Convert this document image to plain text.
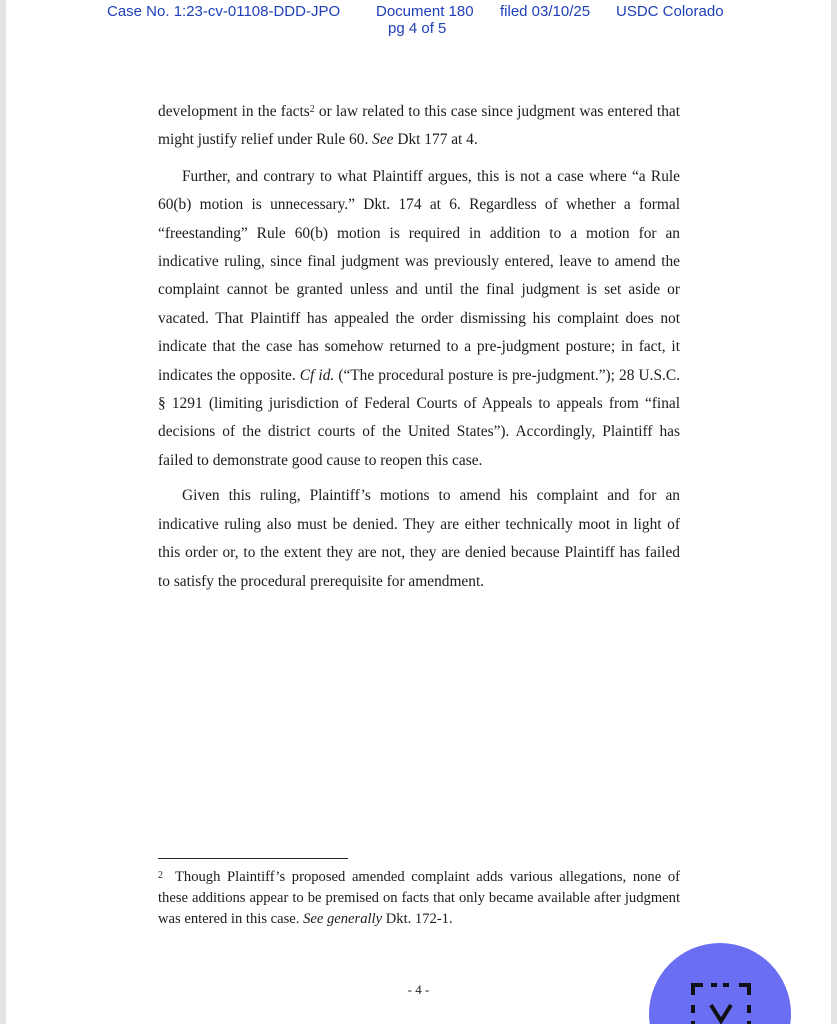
Case No. 1:23-cv-01108-DDD-JPO Document 180 filed 03/10/25 USDC Colorado
pg 4 of 5

development in the facts$^2$ or law related to this case since judgment was entered that might justify relief under Rule 60. See Dkt 177 at 4.

Further, and contrary to what Plaintiff argues, this is not a case where “a Rule 60(b) motion is unnecessary.” Dkt. 174 at 6. Regardless of whether a formal “freestanding” Rule 60(b) motion is required in addition to a motion for an indicative ruling, since final judgment was previously entered, leave to amend the complaint cannot be granted unless and until the final judgment is set aside or vacated. That Plaintiff has appealed the order dismissing his complaint does not indicate that the case has somehow returned to a pre-judgment posture; in fact, it indicates the opposite. Cf id. (“The procedural posture is pre-judgment.”); 28 U.S.C. § 1291 (limiting jurisdiction of Federal Courts of Appeals to appeals from “final decisions of the district courts of the United States”). Accordingly, Plaintiff has failed to demonstrate good cause to reopen this case.

Given this ruling, Plaintiff’s motions to amend his complaint and for an indicative ruling also must be denied. They are either technically moot in light of this order or, to the extent they are not, they are denied because Plaintiff has failed to satisfy the procedural prerequisite for amendment.

$^2$ Though Plaintiff’s proposed amended complaint adds various allegations, none of these additions appear to be premised on facts that only became available after judgment was entered in this case. See generally Dkt. 172-1.
- 4 -
